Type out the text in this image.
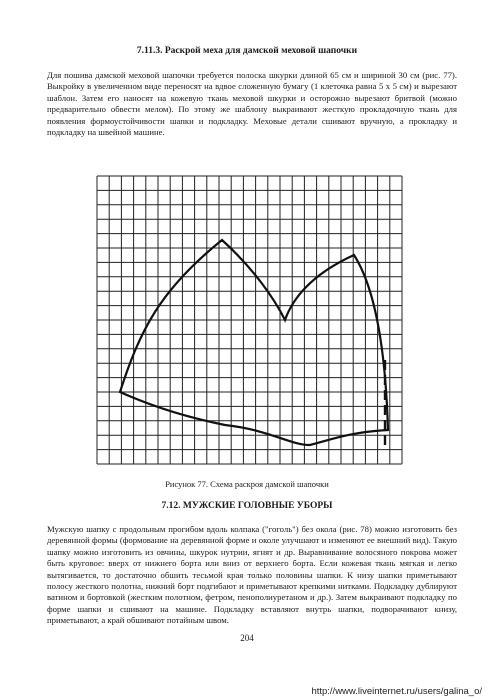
7.11.3. Раскрой меха для дамской меховой шапочки
Для пошива дамской меховой шапочки требуется полоска шкурки длиной 65 см и шириной 30 см (рис. 77). Выкройку в увеличенном виде переносят на вдвое сложенную бумагу (1 клеточка равна 5 х 5 см) и вырезают шаблон. Затем его наносят на кожевую ткань меховой шкурки и осторожно вырезают бритвой (можно предварительно обвести мелом). По этому же шаблону выкраивают жесткую прокладочную ткань для появления формоустойчивости шапки и подкладку. Меховые детали сшивают вручную, а прокладку и подкладку на швейной машине.
Рисунок 77. Схема раскроя дамской шапочки
7.12. МУЖСКИЕ ГОЛОВНЫЕ УБОРЫ
Мужскую шапку с продольным прогибом вдоль колпака ("гоголь") без околa (рис. 78) можно изготовить без деревянной формы (формование на деревянной форме и околе улучшают и изменяют ее внешний вид). Такую шапку можно изготовить из овчины, шкурок нутрии, ягнят и др. Выравнивание волосяного покрова может быть круговое: вверх от нижнего борта или вниз от верхнего борта. Если кожевая ткань мягкая и легко вытягивается, то достаточно обшить тесьмой края только половины шапки. К низу шапки приметывают полосу жесткого полотна, нижний борт подгибают и приметывают крепкими нитками. Подкладку дублируют ватином и бортовкой (жестким полотном, фетром, пенополиуретаном и др.). Затем выкраивают подкладку по форме шапки и сшивают на машине. Подкладку вставляют внутрь шапки, подворачивают книзу, приметывают, а край обшивают потайным швом.
204
http://www.liveinternet.ru/users/galina_o/
